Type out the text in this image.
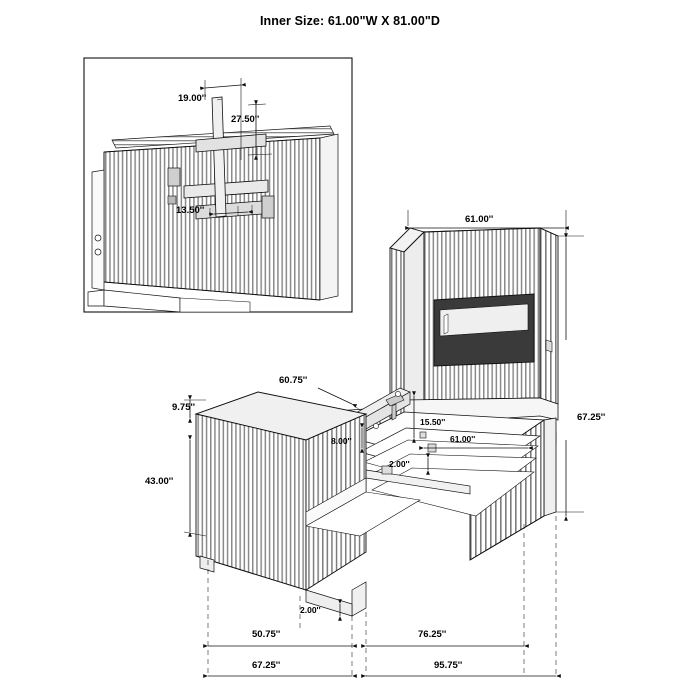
Inner Size: 61.00"W X 81.00"D
19.00''
27.50''
13.50''
61.00''
67.25''
60.75''
9.75''
15.50''
61.00''
8.00''
2.00''
43.00''
2.00''
50.75''	76.25''
67.25''	95.75''
